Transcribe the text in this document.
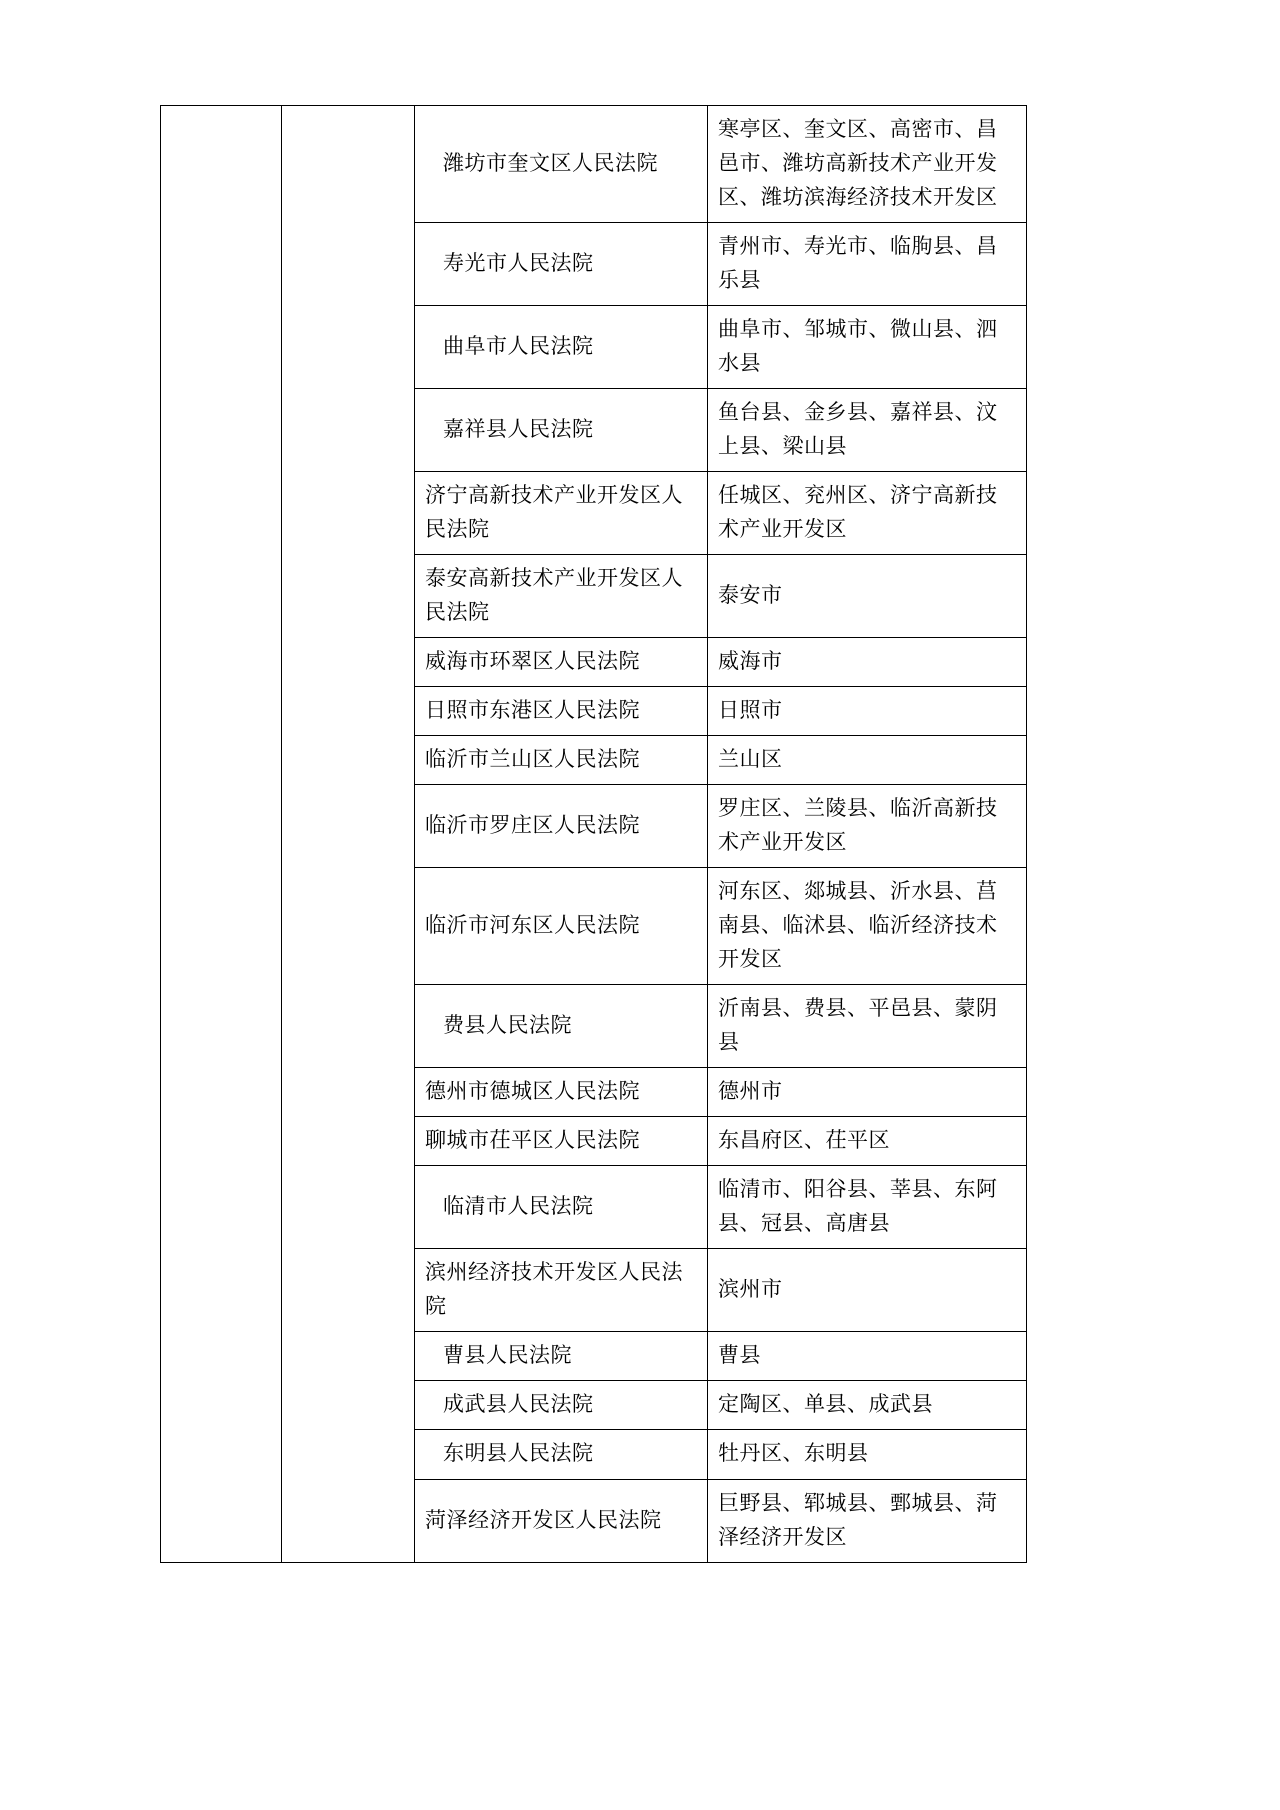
		潍坊市奎文区人民法院	寒亭区、奎文区、高密市、昌邑市、潍坊高新技术产业开发区、潍坊滨海经济技术开发区

		寿光市人民法院	青州市、寿光市、临朐县、昌乐县

		曲阜市人民法院	曲阜市、邹城市、微山县、泗水县

		嘉祥县人民法院	鱼台县、金乡县、嘉祥县、汶上县、梁山县

		济宁高新技术产业开发区人民法院	任城区、兖州区、济宁高新技术产业开发区

		泰安高新技术产业开发区人民法院	泰安市

		威海市环翠区人民法院	威海市

		日照市东港区人民法院	日照市

		临沂市兰山区人民法院	兰山区

		临沂市罗庄区人民法院	罗庄区、兰陵县、临沂高新技术产业开发区

		临沂市河东区人民法院	河东区、郯城县、沂水县、莒南县、临沭县、临沂经济技术开发区

		费县人民法院	沂南县、费县、平邑县、蒙阴县

		德州市德城区人民法院	德州市

		聊城市茌平区人民法院	东昌府区、茌平区

		临清市人民法院	临清市、阳谷县、莘县、东阿县、冠县、高唐县

		滨州经济技术开发区人民法院	滨州市

		曹县人民法院	曹县

		成武县人民法院	定陶区、单县、成武县

		东明县人民法院	牡丹区、东明县

		菏泽经济开发区人民法院	巨野县、郓城县、鄄城县、菏泽经济开发区
